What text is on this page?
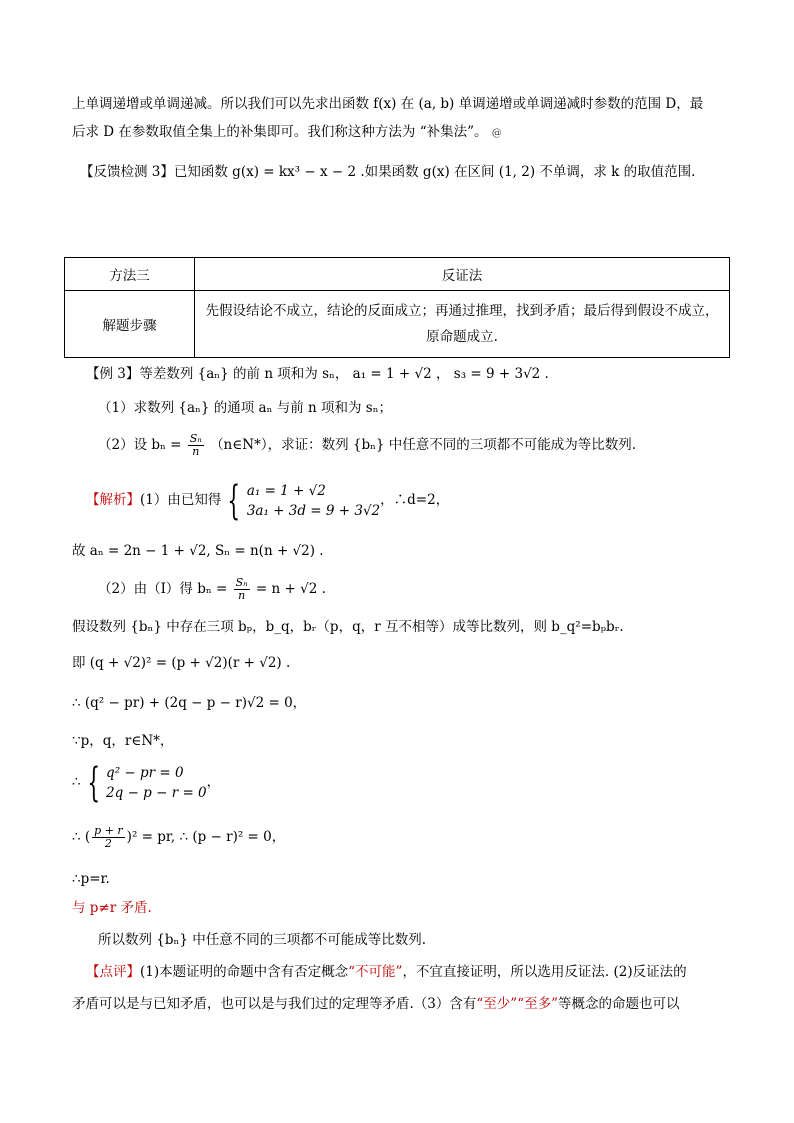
上单调递增或单调递减。所以我们可以先求出函数 f(x) 在 (a, b) 单调递增或单调递减时参数的范围 D，最
后求 D 在参数取值全集上的补集即可。我们称这种方法为 “补集法”。 @
【反馈检测 3】已知函数 g(x) = kx³ − x − 2 .如果函数 g(x) 在区间 (1, 2) 不单调，求 k 的取值范围.
方法三	反证法
解题步骤	先假设结论不成立，结论的反面成立；再通过推理，找到矛盾；最后得到假设不成立，
原命题成立.
【例 3】等差数列 {aₙ} 的前 n 项和为 sₙ， a₁ = 1 + √2 ， s₃ = 9 + 3√2 .
（1）求数列 {aₙ} 的通项 aₙ 与前 n 项和为 sₙ；
（2）设 $b_n = \frac{\text{Sₙ}}{n}$ （n∈N*），求证：数列 {bₙ} 中任意不同的三项都不可能成为等比数列.
【解析】(1）由已知得 { a₁ = 1 + √2
3a₁ + 3d = 9 + 3√2，∴d=2，
故 aₙ = 2n − 1 + √2, Sₙ = n(n + √2) .
（2）由（Ⅰ）得 $b_n = \frac{\text{Sₙ}}{n} = n + √2$ .
假设数列 {bₙ} 中存在三项 bₚ，b_q，bᵣ（p，q，r 互不相等）成等比数列，则 b_q²=bₚbᵣ.
即 (q + √2)² = (p + √2)(r + √2) .
∴ (q² − pr) + (2q − p − r)√2 = 0，
∵p，q，r∈N*，
∴ { q² − pr = 0
2q − p − r = 0，
∴ ( $\frac{p + r}{2} )^2$ = pr, ∴ (p − r)² = 0，
∴p=r.
与 p≠r 矛盾.
所以数列 {bₙ} 中任意不同的三项都不可能成等比数列.
【点评】(1)本题证明的命题中含有否定概念“不可能”，不宜直接证明，所以选用反证法. (2)反证法的
矛盾可以是与已知矛盾，也可以是与我们过的定理等矛盾.（3）含有“至少”“至多”等概念的命题也可以
